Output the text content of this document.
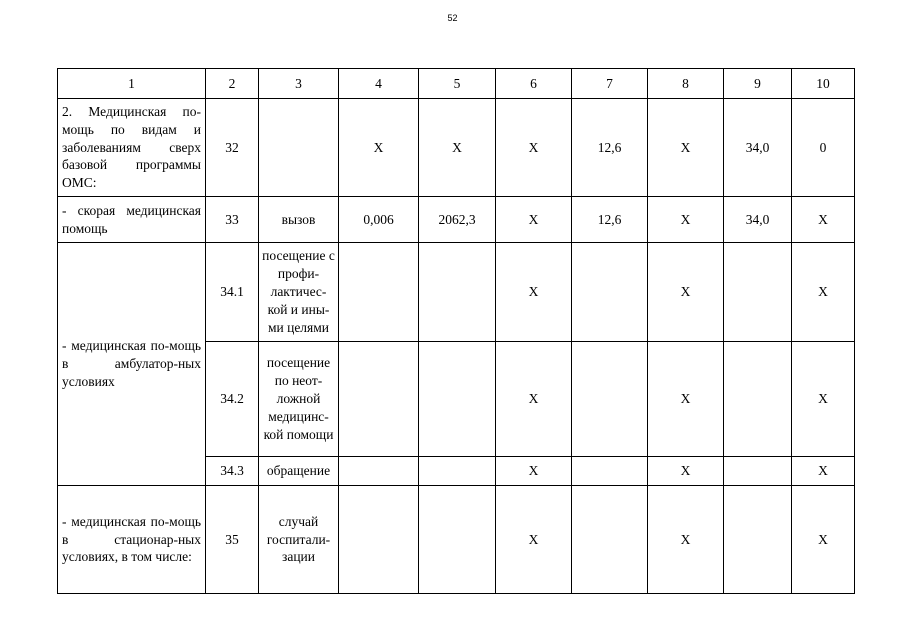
52
1	2	3	4	5	6	7	8	9	10
2. Медицинская по-мощь по видам и заболеваниям сверх базовой программы ОМС:	32		X	X	X	12,6	X	34,0	0
- скорая медицинская помощь	33	вызов	0,006	2062,3	X	12,6	X	34,0	X
- медицинская по-мощь в амбулатор-ных условиях	34.1	посещение с профи-лактичес-кой и ины-ми целями			X		X		X
	34.2	посещение по неот-ложной медицинс-кой помощи			X		X		X
	34.3	обращение			X		X		X
- медицинская по-мощь в стационар-ных условиях, в том числе:	35	случай госпитали-зации			X		X		X
